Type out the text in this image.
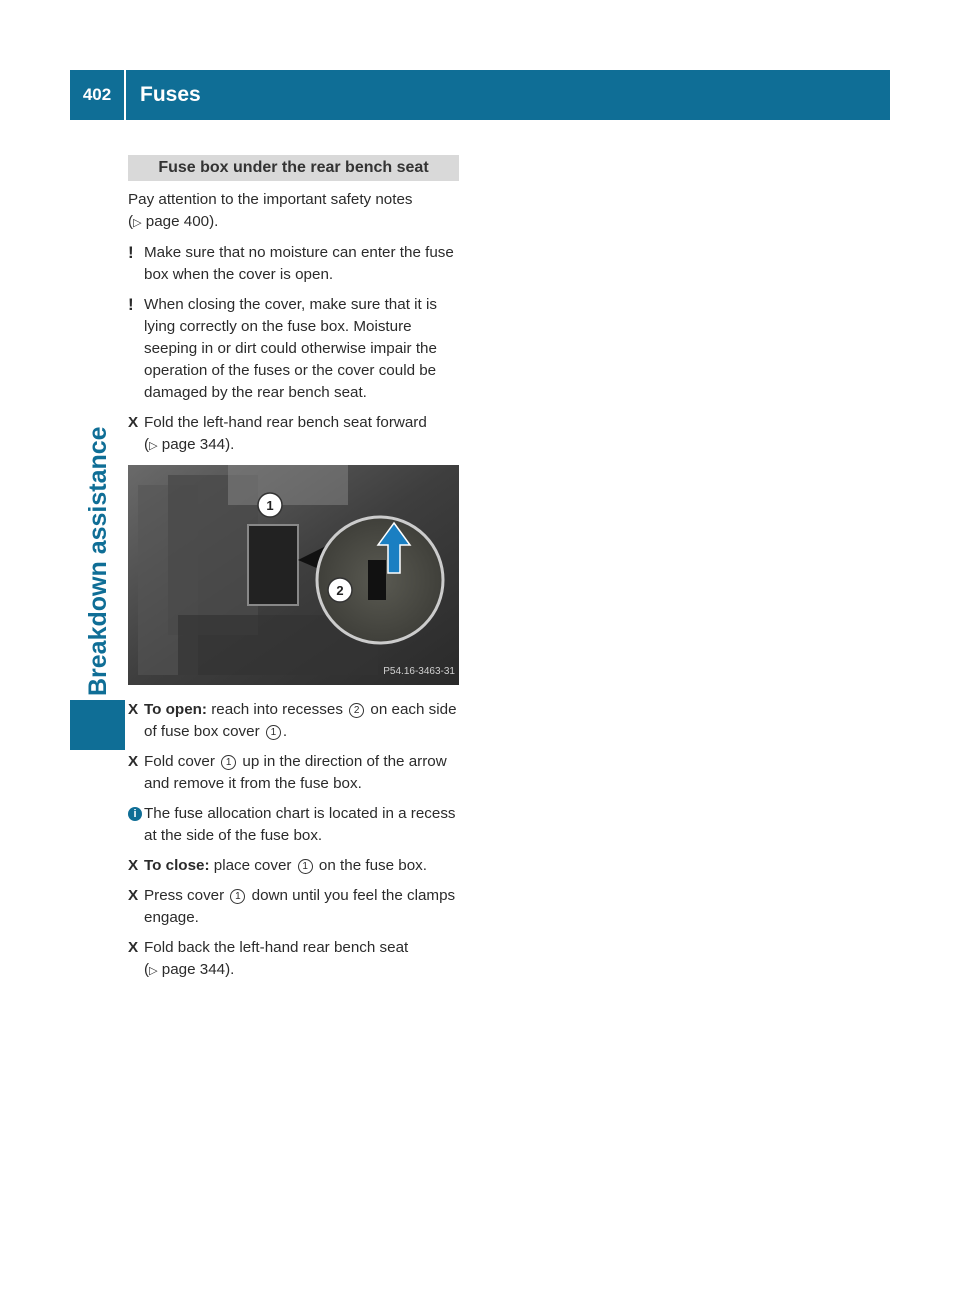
402	Fuses
Breakdown assistance
Fuse box under the rear bench seat

Pay attention to the important safety notes
(▷ page 400).

! Make sure that no moisture can enter the fuse box when the cover is open.
! When closing the cover, make sure that it is lying correctly on the fuse box. Moisture seeping in or dirt could otherwise impair the operation of the fuses or the cover could be damaged by the rear bench seat.
X Fold the left-hand rear bench seat forward
(▷ page 344).
1
2
P54.16-3463-31
X To open: reach into recesses 2 on each side of fuse box cover 1 .
X Fold cover 1 up in the direction of the arrow and remove it from the fuse box.
i The fuse allocation chart is located in a recess at the side of the fuse box.
X To close: place cover 1 on the fuse box.
X Press cover 1 down until you feel the clamps engage.
X Fold back the left-hand rear bench seat
(▷ page 344).
